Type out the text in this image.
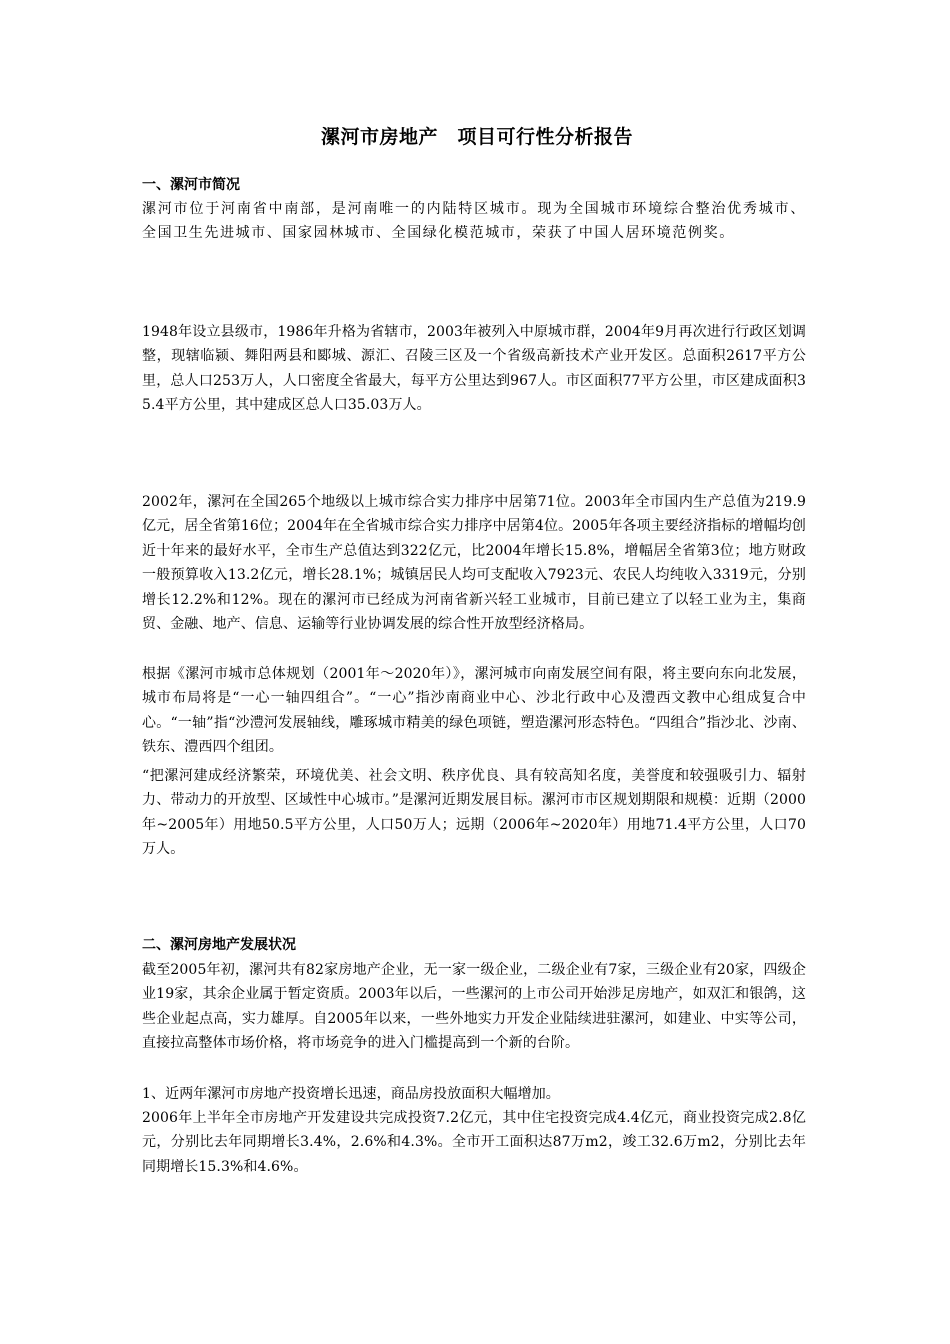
漯河市房地产　项目可行性分析报告
一、漯河市简况

漯河市位于河南省中南部，是河南唯一的内陆特区城市。现为全国城市环境综合整治优秀城市、全国卫生先进城市、国家园林城市、全国绿化模范城市，荣获了中国人居环境范例奖。

1948年设立县级市，1986年升格为省辖市，2003年被列入中原城市群，2004年9月再次进行行政区划调整，现辖临颍、舞阳两县和郾城、源汇、召陵三区及一个省级高新技术产业开发区。总面积2617平方公里，总人口253万人，人口密度全省最大，每平方公里达到967人。市区面积77平方公里，市区建成面积35.4平方公里，其中建成区总人口35.03万人。

2002年，漯河在全国265个地级以上城市综合实力排序中居第71位。2003年全市国内生产总值为219.9亿元，居全省第16位；2004年在全省城市综合实力排序中居第4位。2005年各项主要经济指标的增幅均创近十年来的最好水平，全市生产总值达到322亿元，比2004年增长15.8%，增幅居全省第3位；地方财政一般预算收入13.2亿元，增长28.1%；城镇居民人均可支配收入7923元、农民人均纯收入3319元，分别增长12.2%和12%。现在的漯河市已经成为河南省新兴轻工业城市，目前已建立了以轻工业为主，集商贸、金融、地产、信息、运输等行业协调发展的综合性开放型经济格局。

根据《漯河市城市总体规划（2001年～2020年）》，漯河城市向南发展空间有限，将主要向东向北发展，城市布局将是“一心一轴四组合”。“一心”指沙南商业中心、沙北行政中心及澧西文教中心组成复合中心。“一轴”指“沙澧河发展轴线，雕琢城市精美的绿色项链，塑造漯河形态特色。“四组合”指沙北、沙南、铁东、澧西四个组团。

“把漯河建成经济繁荣，环境优美、社会文明、秩序优良、具有较高知名度，美誉度和较强吸引力、辐射力、带动力的开放型、区域性中心城市。”是漯河近期发展目标。漯河市市区规划期限和规模：近期（2000年~2005年）用地50.5平方公里，人口50万人；远期（2006年~2020年）用地71.4平方公里，人口70万人。

二、漯河房地产发展状况

截至2005年初，漯河共有82家房地产企业，无一家一级企业，二级企业有7家，三级企业有20家，四级企业19家，其余企业属于暂定资质。2003年以后，一些漯河的上市公司开始涉足房地产，如双汇和银鸽，这些企业起点高，实力雄厚。自2005年以来，一些外地实力开发企业陆续进驻漯河，如建业、中实等公司，直接拉高整体市场价格，将市场竞争的进入门槛提高到一个新的台阶。

1、近两年漯河市房地产投资增长迅速，商品房投放面积大幅增加。

2006年上半年全市房地产开发建设共完成投资7.2亿元，其中住宅投资完成4.4亿元，商业投资完成2.8亿元，分别比去年同期增长3.4%，2.6%和4.3%。全市开工面积达87万m2，竣工32.6万m2，分别比去年同期增长15.3%和4.6%。
